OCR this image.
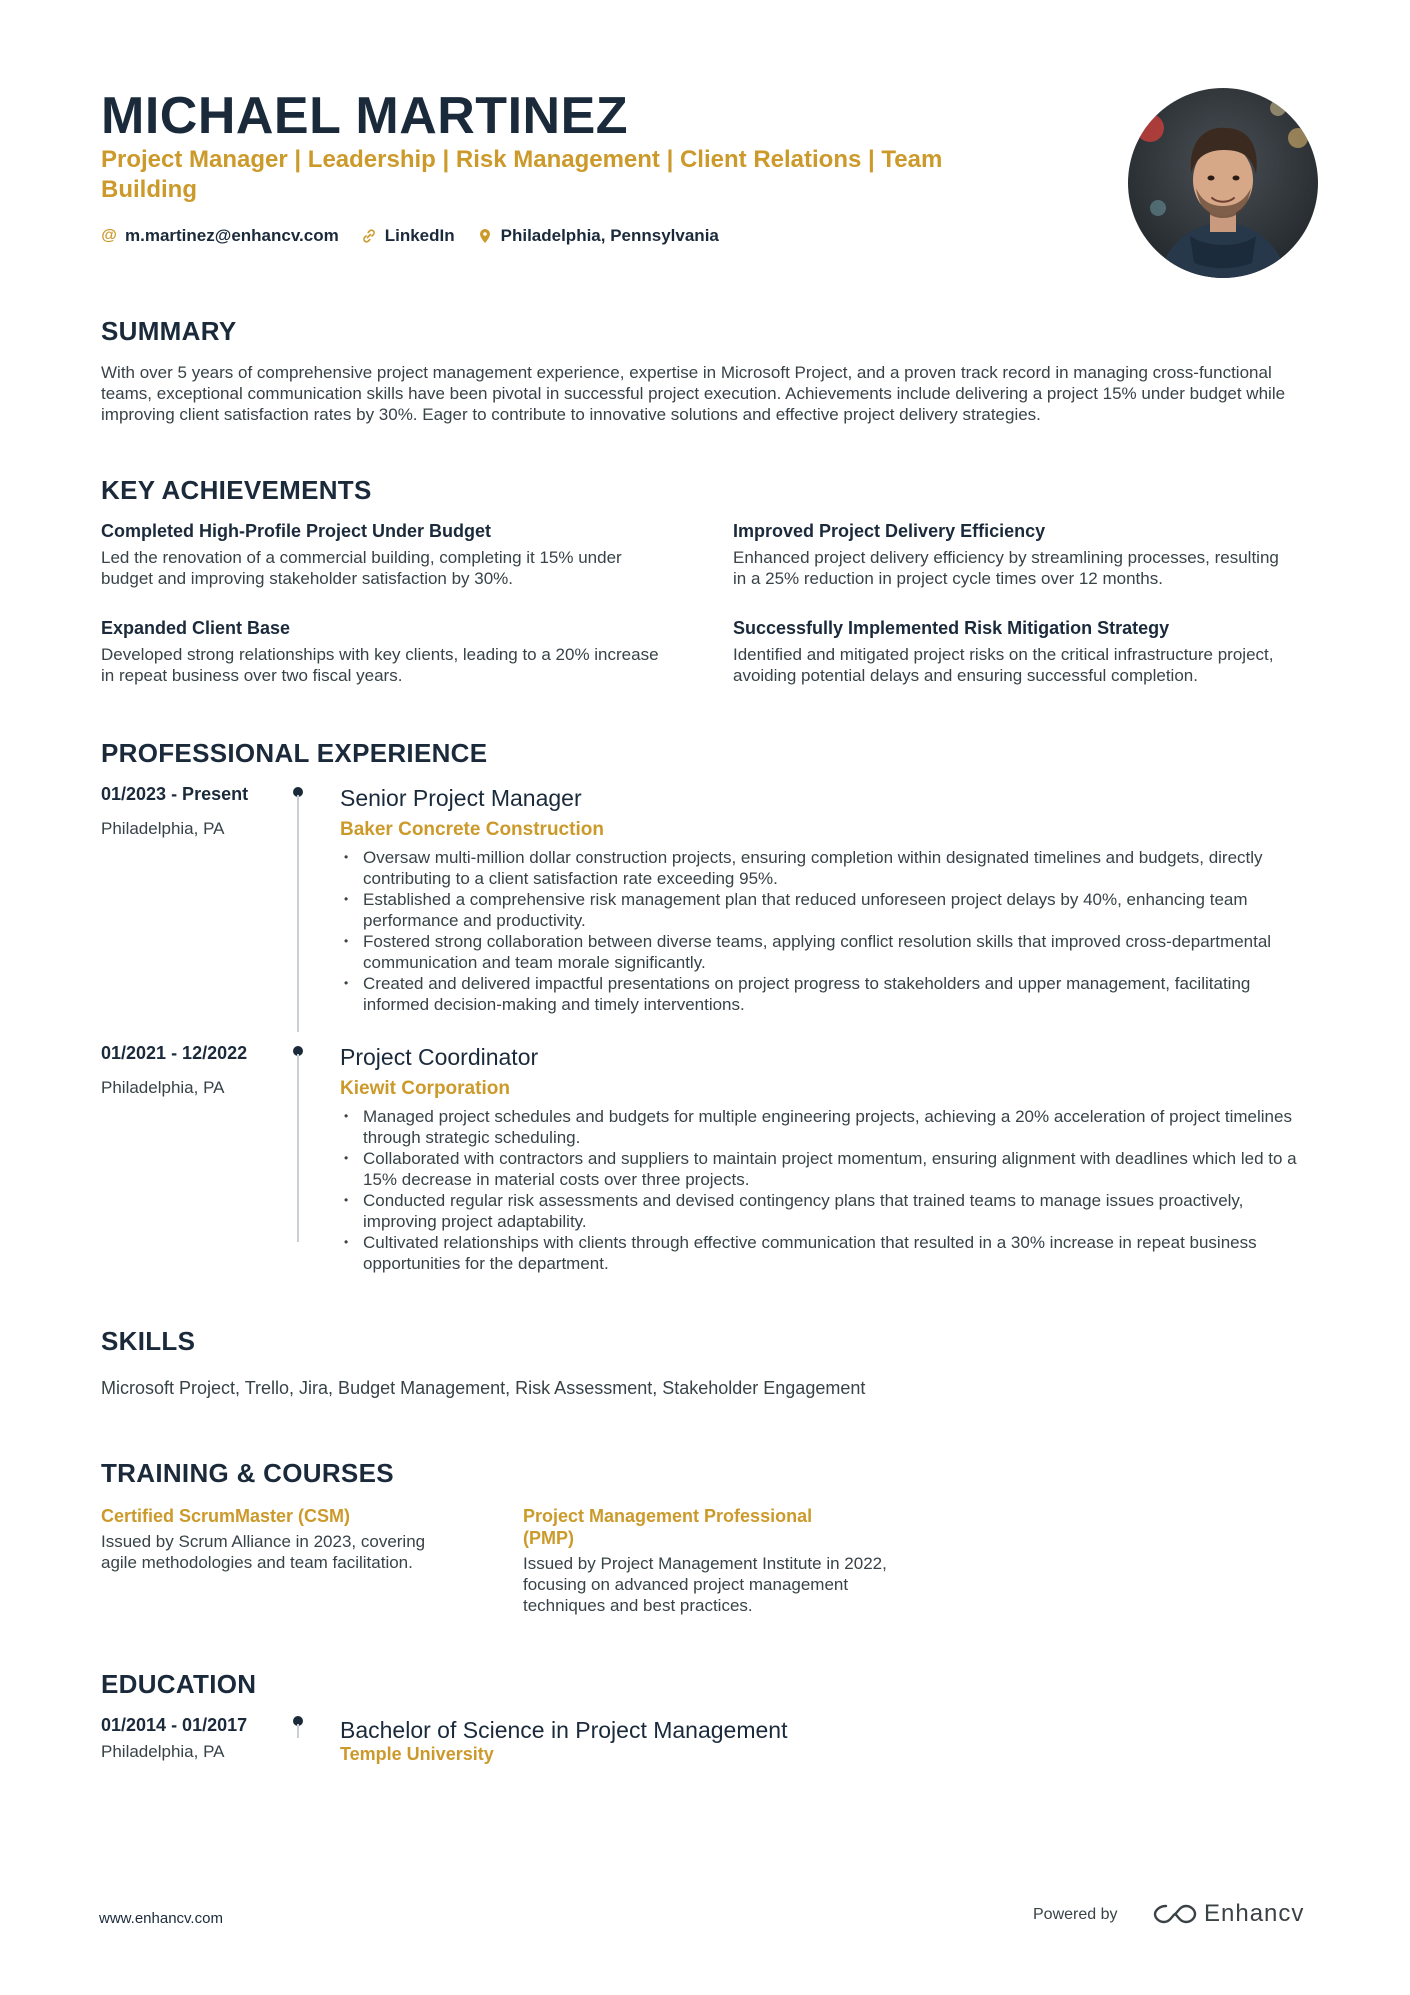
MICHAEL MARTINEZ
Project Manager | Leadership | Risk Management | Client Relations | Team Building
@ m.martinez@enhancv.com	LinkedIn	Philadelphia, Pennsylvania
SUMMARY
With over 5 years of comprehensive project management experience, expertise in Microsoft Project, and a proven track record in managing cross-functional teams, exceptional communication skills have been pivotal in successful project execution. Achievements include delivering a project 15% under budget while improving client satisfaction rates by 30%. Eager to contribute to innovative solutions and effective project delivery strategies.
KEY ACHIEVEMENTS
Completed High-Profile Project Under Budget
Led the renovation of a commercial building, completing it 15% under budget and improving stakeholder satisfaction by 30%.
Improved Project Delivery Efficiency
Enhanced project delivery efficiency by streamlining processes, resulting in a 25% reduction in project cycle times over 12 months.
Expanded Client Base
Developed strong relationships with key clients, leading to a 20% increase in repeat business over two fiscal years.
Successfully Implemented Risk Mitigation Strategy
Identified and mitigated project risks on the critical infrastructure project, avoiding potential delays and ensuring successful completion.
PROFESSIONAL EXPERIENCE
01/2023 - Present
Philadelphia, PA
Senior Project Manager
Baker Concrete Construction
• Oversaw multi-million dollar construction projects, ensuring completion within designated timelines and budgets, directly contributing to a client satisfaction rate exceeding 95%.
• Established a comprehensive risk management plan that reduced unforeseen project delays by 40%, enhancing team performance and productivity.
• Fostered strong collaboration between diverse teams, applying conflict resolution skills that improved cross-departmental communication and team morale significantly.
• Created and delivered impactful presentations on project progress to stakeholders and upper management, facilitating informed decision-making and timely interventions.
01/2021 - 12/2022
Philadelphia, PA
Project Coordinator
Kiewit Corporation
• Managed project schedules and budgets for multiple engineering projects, achieving a 20% acceleration of project timelines through strategic scheduling.
• Collaborated with contractors and suppliers to maintain project momentum, ensuring alignment with deadlines which led to a 15% decrease in material costs over three projects.
• Conducted regular risk assessments and devised contingency plans that trained teams to manage issues proactively, improving project adaptability.
• Cultivated relationships with clients through effective communication that resulted in a 30% increase in repeat business opportunities for the department.
SKILLS
Microsoft Project, Trello, Jira, Budget Management, Risk Assessment, Stakeholder Engagement
TRAINING & COURSES
Certified ScrumMaster (CSM)
Issued by Scrum Alliance in 2023, covering agile methodologies and team facilitation.
Project Management Professional (PMP)
Issued by Project Management Institute in 2022, focusing on advanced project management techniques and best practices.
EDUCATION
01/2014 - 01/2017
Philadelphia, PA
Bachelor of Science in Project Management
Temple University
www.enhancv.com	Powered by	Enhancv
